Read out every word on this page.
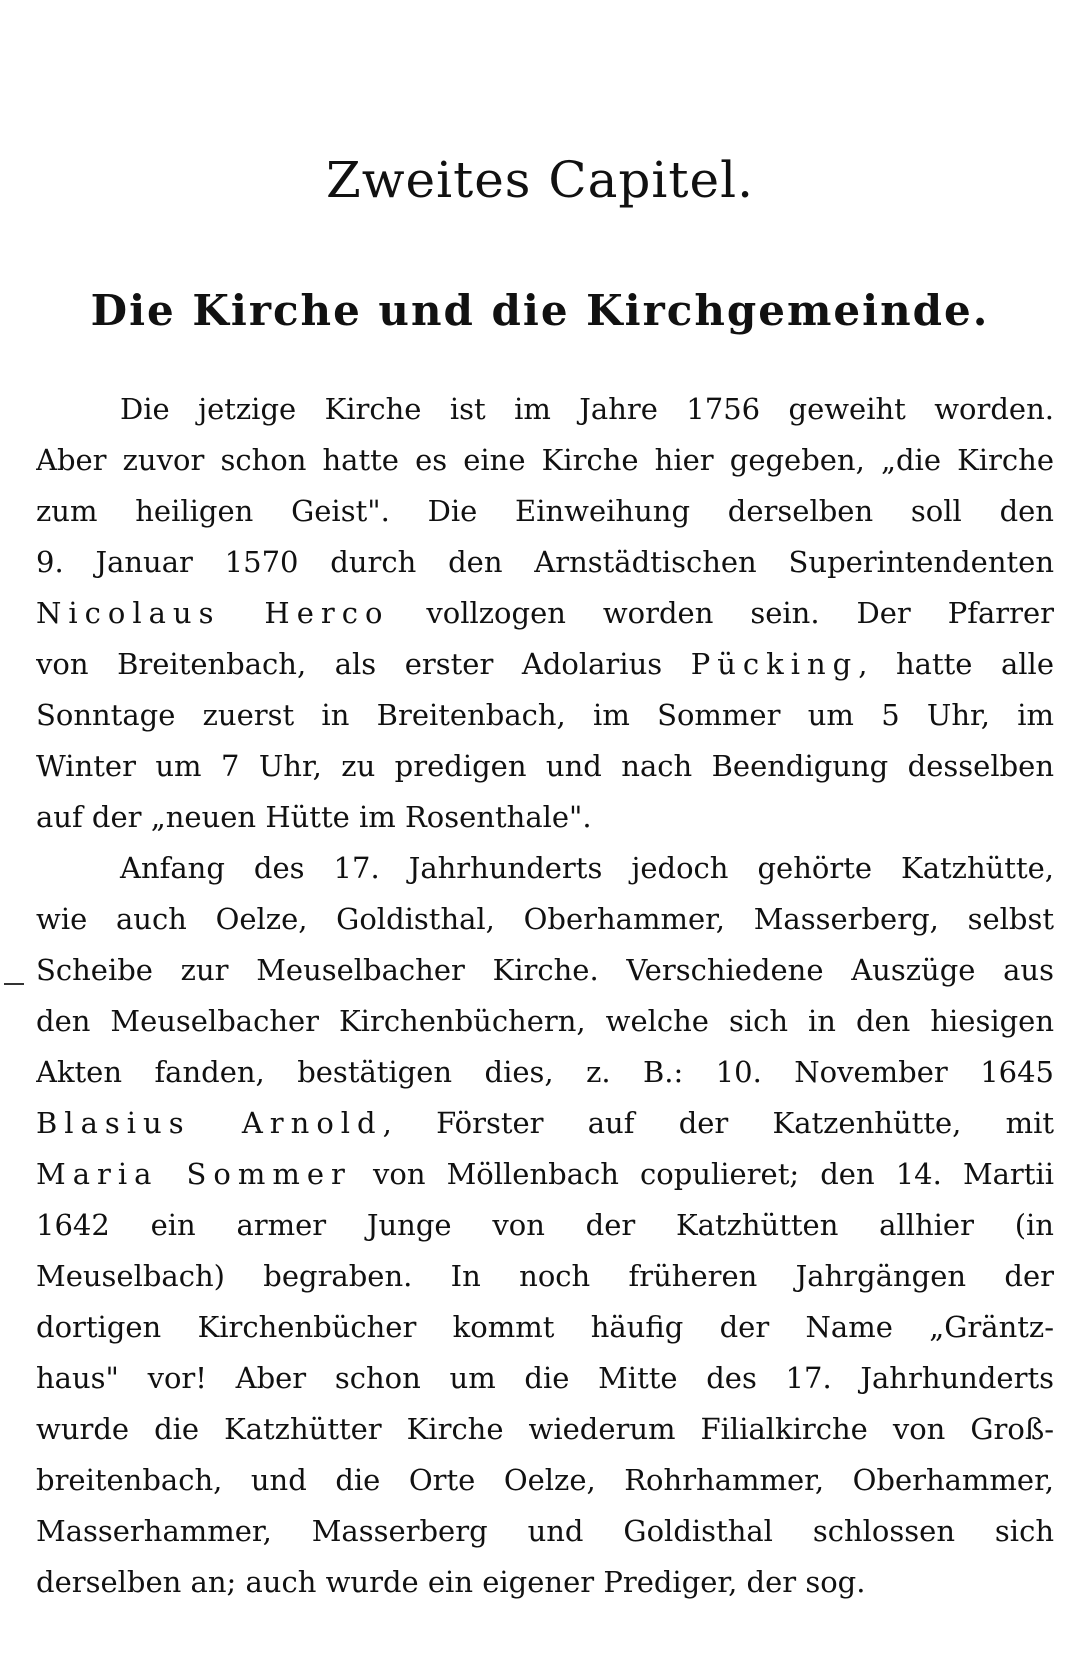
Zweites Capitel.
Die Kirche und die Kirchgemeinde.
Die jetzige Kirche ist im Jahre 1756 geweiht worden.
Aber zuvor schon hatte es eine Kirche hier gegeben, „die Kirche
zum heiligen Geist". Die Einweihung derselben soll den
9. Januar 1570 durch den Arnstädtischen Superintendenten
Nicolaus Herco vollzogen worden sein. Der Pfarrer
von Breitenbach, als erster Adolarius Pücking, hatte alle
Sonntage zuerst in Breitenbach, im Sommer um 5 Uhr, im
Winter um 7 Uhr, zu predigen und nach Beendigung desselben
auf der „neuen Hütte im Rosenthale".
Anfang des 17. Jahrhunderts jedoch gehörte Katzhütte,
wie auch Oelze, Goldisthal, Oberhammer, Masserberg, selbst
Scheibe zur Meuselbacher Kirche. Verschiedene Auszüge aus
den Meuselbacher Kirchenbüchern, welche sich in den hiesigen
Akten fanden, bestätigen dies, z. B.: 10. November 1645
Blasius Arnold, Förster auf der Katzenhütte, mit
Maria Sommer von Möllenbach copulieret; den 14. Martii
1642 ein armer Junge von der Katzhütten allhier (in
Meuselbach) begraben. In noch früheren Jahrgängen der
dortigen Kirchenbücher kommt häufig der Name „Gräntz-
haus" vor! Aber schon um die Mitte des 17. Jahrhunderts
wurde die Katzhütter Kirche wiederum Filialkirche von Groß-
breitenbach, und die Orte Oelze, Rohrhammer, Oberhammer,
Masserhammer, Masserberg und Goldisthal schlossen sich
derselben an; auch wurde ein eigener Prediger, der sog.
